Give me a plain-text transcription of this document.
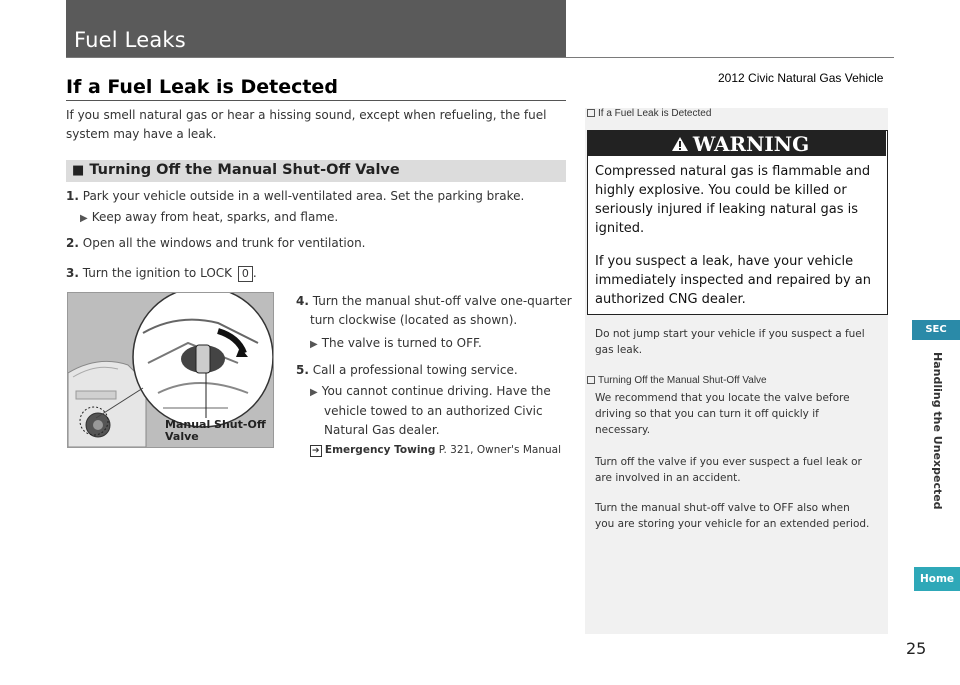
Fuel Leaks
2012 Civic Natural Gas Vehicle
If a Fuel Leak is Detected
If you smell natural gas or hear a hissing sound, except when refueling, the fuel system may have a leak.
■ Turning Off the Manual Shut-Off Valve
1. Park your vehicle outside in a well-ventilated area. Set the parking brake.
▶ Keep away from heat, sparks, and flame.
2. Open all the windows and trunk for ventilation.
3. Turn the ignition to LOCK 0 .
Manual Shut-Off
Valve
4. Turn the manual shut-off valve one-quarter
turn clockwise (located as shown).
▶ The valve is turned to OFF.
5. Call a professional towing service.
▶ You cannot continue driving. Have the
vehicle towed to an authorized Civic
Natural Gas dealer.
➔ Emergency Towing P. 321, Owner's Manual
If a Fuel Leak is Detected
WARNING
Compressed natural gas is flammable and
highly explosive. You could be killed or
seriously injured if leaking natural gas is
ignited.
If you suspect a leak, have your vehicle
immediately inspected and repaired by an
authorized CNG dealer.
Do not jump start your vehicle if you suspect a fuel
gas leak.
Turning Off the Manual Shut-Off Valve
We recommend that you locate the valve before
driving so that you can turn it off quickly if
necessary.
Turn off the valve if you ever suspect a fuel leak or
are involved in an accident.
Turn the manual shut-off valve to OFF also when
you are storing your vehicle for an extended period.
SEC
Handling the Unexpected
Home
25
